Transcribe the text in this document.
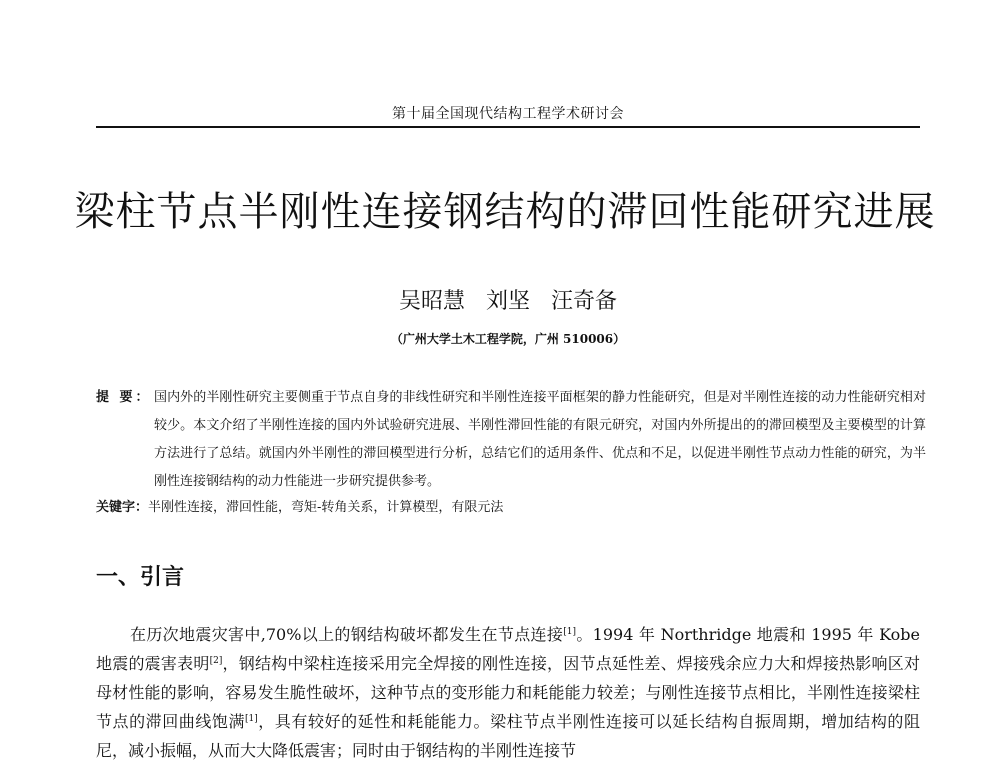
第十届全国现代结构工程学术研讨会
梁柱节点半刚性连接钢结构的滞回性能研究进展
吴昭慧 刘坚 汪奇备
（广州大学土木工程学院，广州 510006）
提 要： 国内外的半刚性研究主要侧重于节点自身的非线性研究和半刚性连接平面框架的静力性能研究，但是对半刚性连接的动力性能研究相对较少。本文介绍了半刚性连接的国内外试验研究进展、半刚性滞回性能的有限元研究，对国内外所提出的的滞回模型及主要模型的计算方法进行了总结。就国内外半刚性的滞回模型进行分析，总结它们的适用条件、优点和不足，以促进半刚性节点动力性能的研究，为半刚性连接钢结构的动力性能进一步研究提供参考。
关键字：半刚性连接，滞回性能，弯矩-转角关系，计算模型，有限元法
一、引言

在历次地震灾害中,70%以上的钢结构破坏都发生在节点连接[1]。1994 年 Northridge 地震和 1995 年 Kobe 地震的震害表明[2]，钢结构中梁柱连接采用完全焊接的刚性连接，因节点延性差、焊接残余应力大和焊接热影响区对母材性能的影响，容易发生脆性破坏，这种节点的变形能力和耗能能力较差；与刚性连接节点相比，半刚性连接梁柱节点的滞回曲线饱满[1]，具有较好的延性和耗能能力。梁柱节点半刚性连接可以延长结构自振周期，增加结构的阻尼，减小振幅，从而大大降低震害；同时由于钢结构的半刚性连接节
